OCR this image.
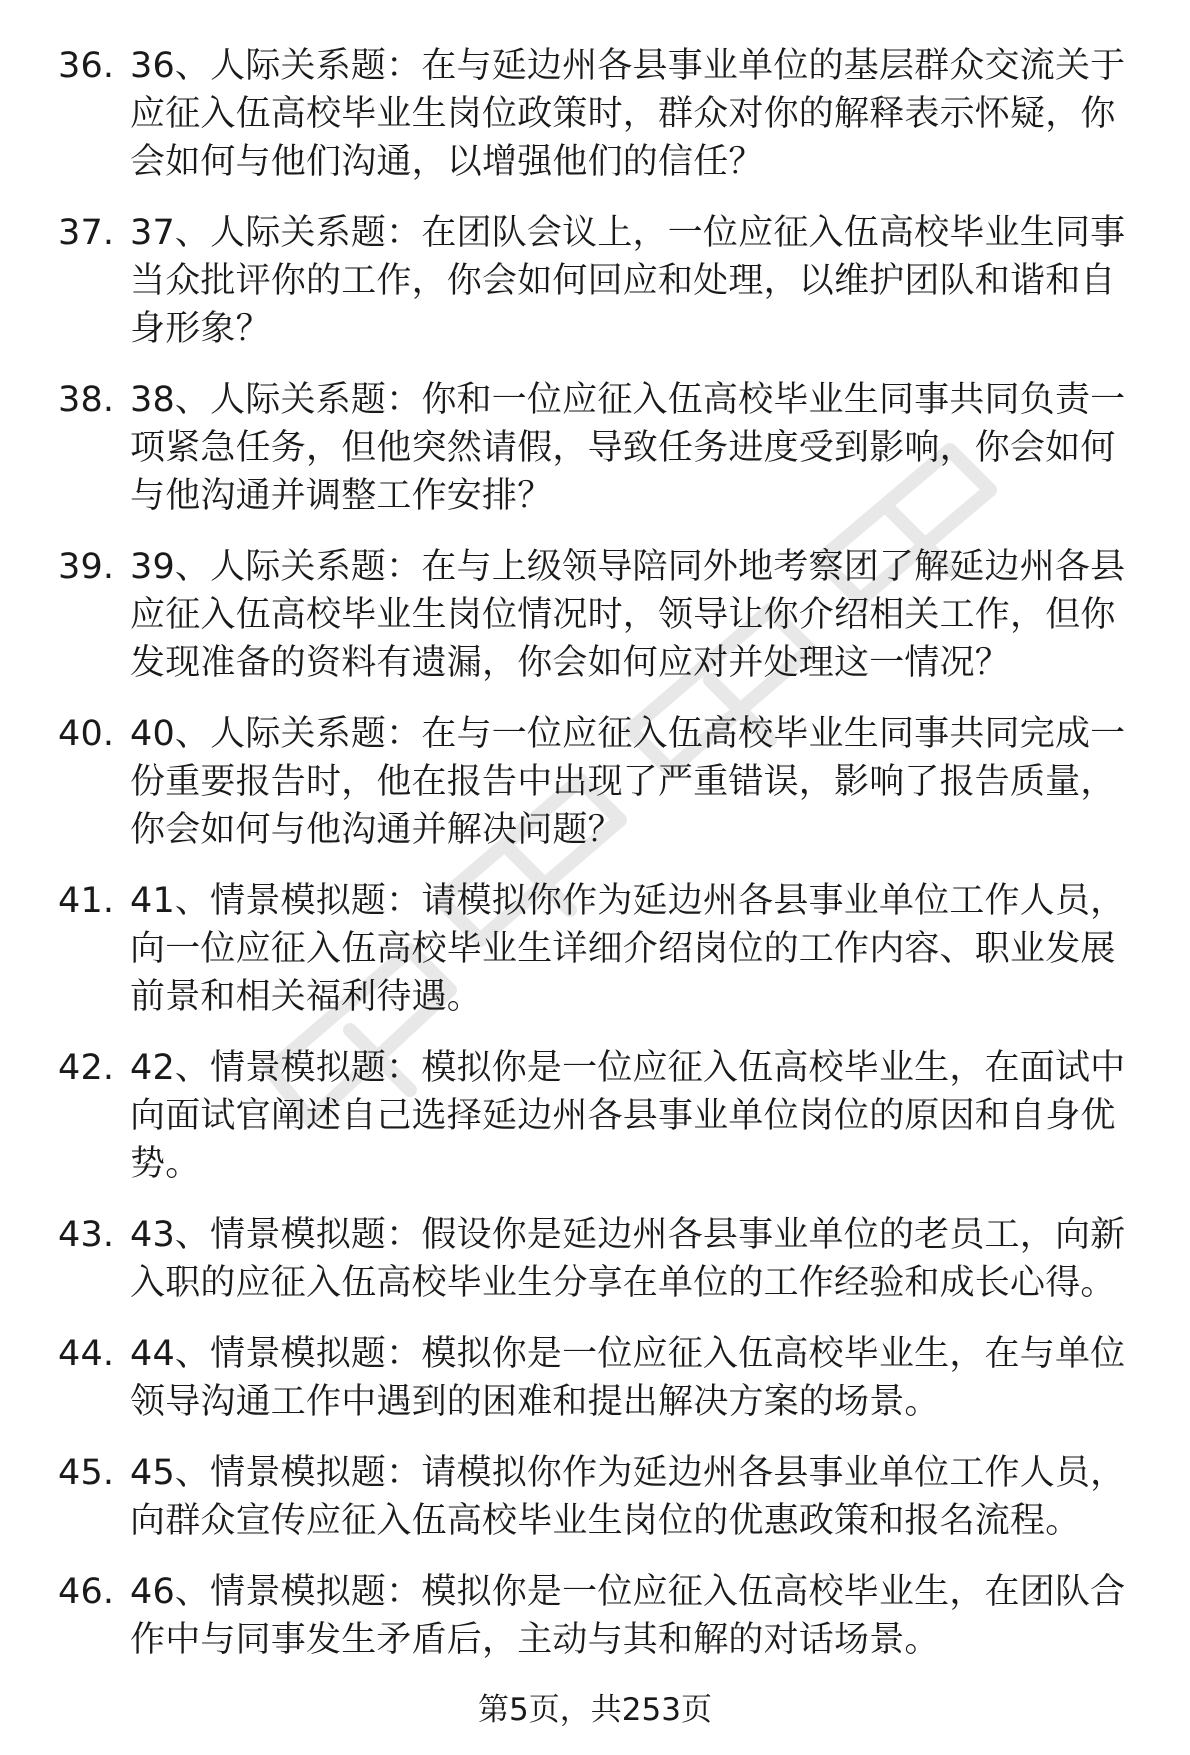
36. 36、人际关系题：在与延边州各县事业单位的基层群众交流关于应征入伍高校毕业生岗位政策时，群众对你的解释表示怀疑，你会如何与他们沟通，以增强他们的信任？
37. 37、人际关系题：在团队会议上，一位应征入伍高校毕业生同事当众批评你的工作，你会如何回应和处理，以维护团队和谐和自身形象？
38. 38、人际关系题：你和一位应征入伍高校毕业生同事共同负责一项紧急任务，但他突然请假，导致任务进度受到影响，你会如何与他沟通并调整工作安排？
39. 39、人际关系题：在与上级领导陪同外地考察团了解延边州各县应征入伍高校毕业生岗位情况时，领导让你介绍相关工作，但你发现准备的资料有遗漏，你会如何应对并处理这一情况？
40. 40、人际关系题：在与一位应征入伍高校毕业生同事共同完成一份重要报告时，他在报告中出现了严重错误，影响了报告质量，你会如何与他沟通并解决问题？
41. 41、情景模拟题：请模拟你作为延边州各县事业单位工作人员，向一位应征入伍高校毕业生详细介绍岗位的工作内容、职业发展前景和相关福利待遇。
42. 42、情景模拟题：模拟你是一位应征入伍高校毕业生，在面试中向面试官阐述自己选择延边州各县事业单位岗位的原因和自身优势。
43. 43、情景模拟题：假设你是延边州各县事业单位的老员工，向新入职的应征入伍高校毕业生分享在单位的工作经验和成长心得。
44. 44、情景模拟题：模拟你是一位应征入伍高校毕业生，在与单位领导沟通工作中遇到的困难和提出解决方案的场景。
45. 45、情景模拟题：请模拟你作为延边州各县事业单位工作人员，向群众宣传应征入伍高校毕业生岗位的优惠政策和报名流程。
46. 46、情景模拟题：模拟你是一位应征入伍高校毕业生，在团队合作中与同事发生矛盾后，主动与其和解的对话场景。
第5页，共253页
